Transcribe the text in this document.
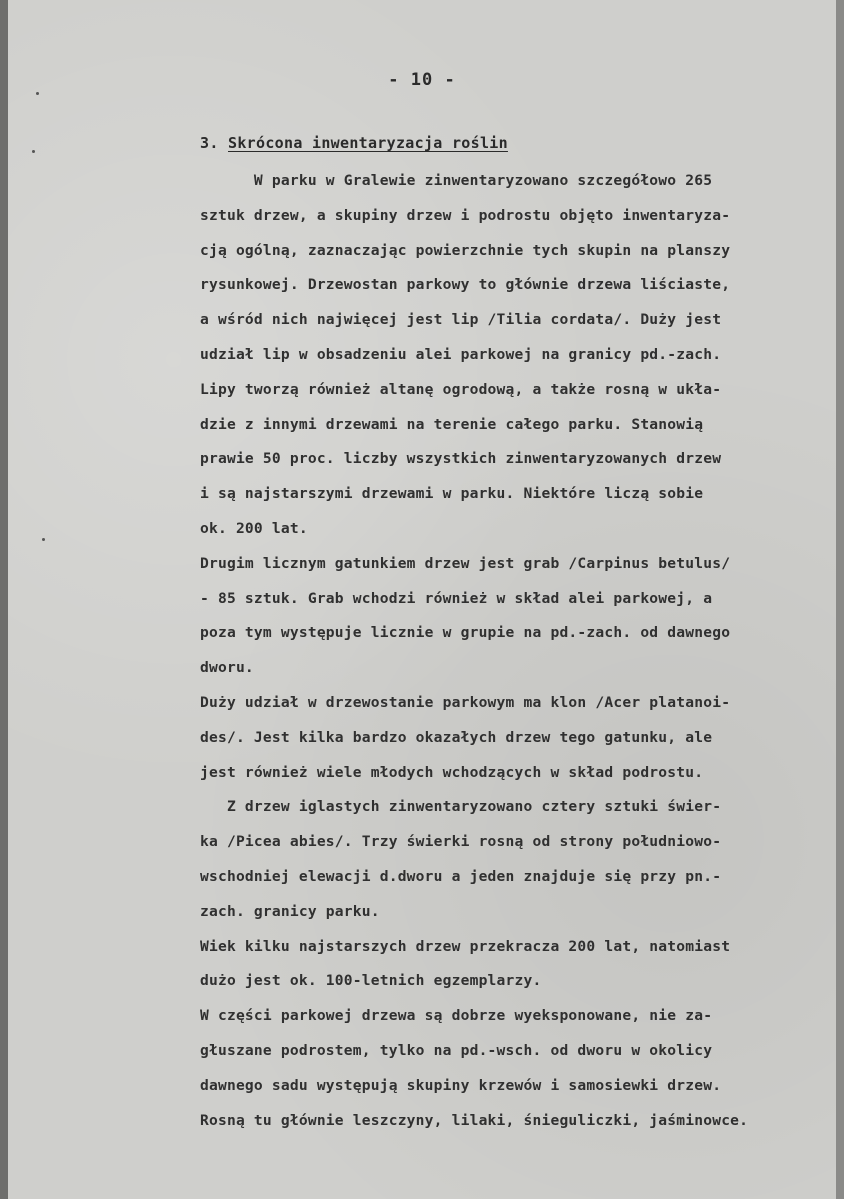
- 10 -
3. Skrócona inwentaryzacja roślin
W parku w Gralewie zinwentaryzowano szczegółowo 265
sztuk drzew, a skupiny drzew i podrostu objęto inwentaryza-
cją ogólną, zaznaczając powierzchnie tych skupin na planszy
rysunkowej. Drzewostan parkowy to głównie drzewa liściaste,
a wśród nich najwięcej jest lip /Tilia cordata/. Duży jest
udział lip w obsadzeniu alei parkowej na granicy pd.-zach.
Lipy tworzą również altanę ogrodową, a także rosną w ukła-
dzie z innymi drzewami na terenie całego parku. Stanowią
prawie 50 proc. liczby wszystkich zinwentaryzowanych drzew
i są najstarszymi drzewami w parku. Niektóre liczą sobie
ok. 200 lat.
Drugim licznym gatunkiem drzew jest grab /Carpinus betulus/
- 85 sztuk. Grab wchodzi również w skład alei parkowej, a
poza tym występuje licznie w grupie na pd.-zach. od dawnego
dworu.
Duży udział w drzewostanie parkowym ma klon /Acer platanoi-
des/. Jest kilka bardzo okazałych drzew tego gatunku, ale
jest również wiele młodych wchodzących w skład podrostu.
Z drzew iglastych zinwentaryzowano cztery sztuki świer-
ka /Picea abies/. Trzy świerki rosną od strony południowo-
wschodniej elewacji d.dworu a jeden znajduje się przy pn.-
zach. granicy parku.
Wiek kilku najstarszych drzew przekracza 200 lat, natomiast
dużo jest ok. 100-letnich egzemplarzy.
W części parkowej drzewa są dobrze wyeksponowane, nie za-
głuszane podrostem, tylko na pd.-wsch. od dworu w okolicy
dawnego sadu występują skupiny krzewów i samosiewki drzew.
Rosną tu głównie leszczyny, lilaki, śnieguliczki, jaśminowce.
